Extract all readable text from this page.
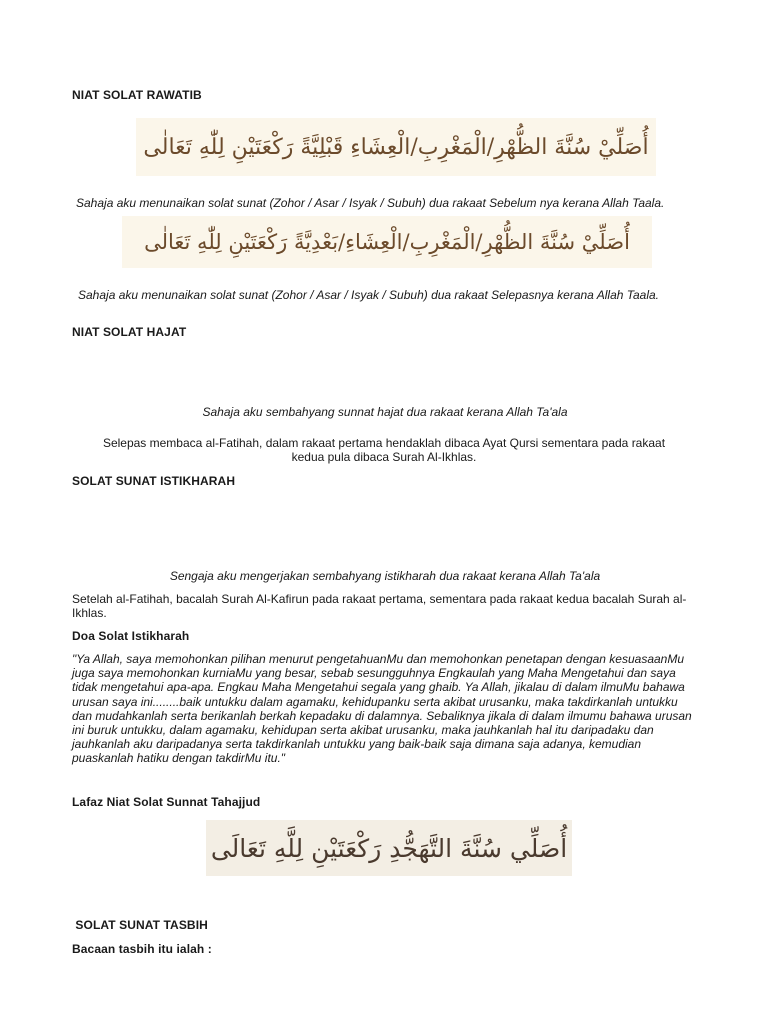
NIAT SOLAT RAWATIB
أُصَلِّيْ سُنَّةَ الظُّهْرِ/الْمَغْرِبِ/الْعِشَاءِ قَبْلِيَّةً رَكْعَتَيْنِ لِلّٰهِ تَعَالٰى
Sahaja aku menunaikan solat sunat (Zohor / Asar / Isyak / Subuh) dua rakaat Sebelum nya kerana Allah Taala.
أُصَلِّيْ سُنَّةَ الظُّهْرِ/الْمَغْرِبِ/الْعِشَاءِ/بَعْدِيَّةً رَكْعَتَيْنِ لِلّٰهِ تَعَالٰى
Sahaja aku menunaikan solat sunat (Zohor / Asar / Isyak / Subuh) dua rakaat Selepasnya kerana Allah Taala.
NIAT SOLAT HAJAT
Sahaja aku sembahyang sunnat hajat dua rakaat kerana Allah Ta'ala
Selepas membaca al-Fatihah, dalam rakaat pertama hendaklah dibaca Ayat Qursi sementara pada rakaat kedua pula dibaca Surah Al-Ikhlas.
SOLAT SUNAT ISTIKHARAH
Sengaja aku mengerjakan sembahyang istikharah dua rakaat kerana Allah Ta'ala
Setelah al-Fatihah, bacalah Surah Al-Kafirun pada rakaat pertama, sementara pada rakaat kedua bacalah Surah al-Ikhlas.
Doa Solat Istikharah
"Ya Allah, saya memohonkan pilihan menurut pengetahuanMu dan memohonkan penetapan dengan kesuasaanMu juga saya memohonkan kurniaMu yang besar, sebab sesungguhnya Engkaulah yang Maha Mengetahui dan saya tidak mengetahui apa-apa. Engkau Maha Mengetahui segala yang ghaib. Ya Allah, jikalau di dalam ilmuMu bahawa urusan saya ini........baik untukku dalam agamaku, kehidupanku serta akibat urusanku, maka takdirkanlah untukku dan mudahkanlah serta berikanlah berkah kepadaku di dalamnya. Sebaliknya jikala di dalam ilmumu bahawa urusan ini buruk untukku, dalam agamaku, kehidupan serta akibat urusanku, maka jauhkanlah hal itu daripadaku dan jauhkanlah aku daripadanya serta takdirkanlah untukku yang baik-baik saja dimana saja adanya, kemudian puaskanlah hatiku dengan takdirMu itu."
Lafaz Niat Solat Sunnat Tahajjud
أُصَلِّي سُنَّةَ التَّهَجُّدِ رَكْعَتَيْنِ لِلَّهِ تَعَالَى
SOLAT SUNAT TASBIH
Bacaan tasbih itu ialah :
